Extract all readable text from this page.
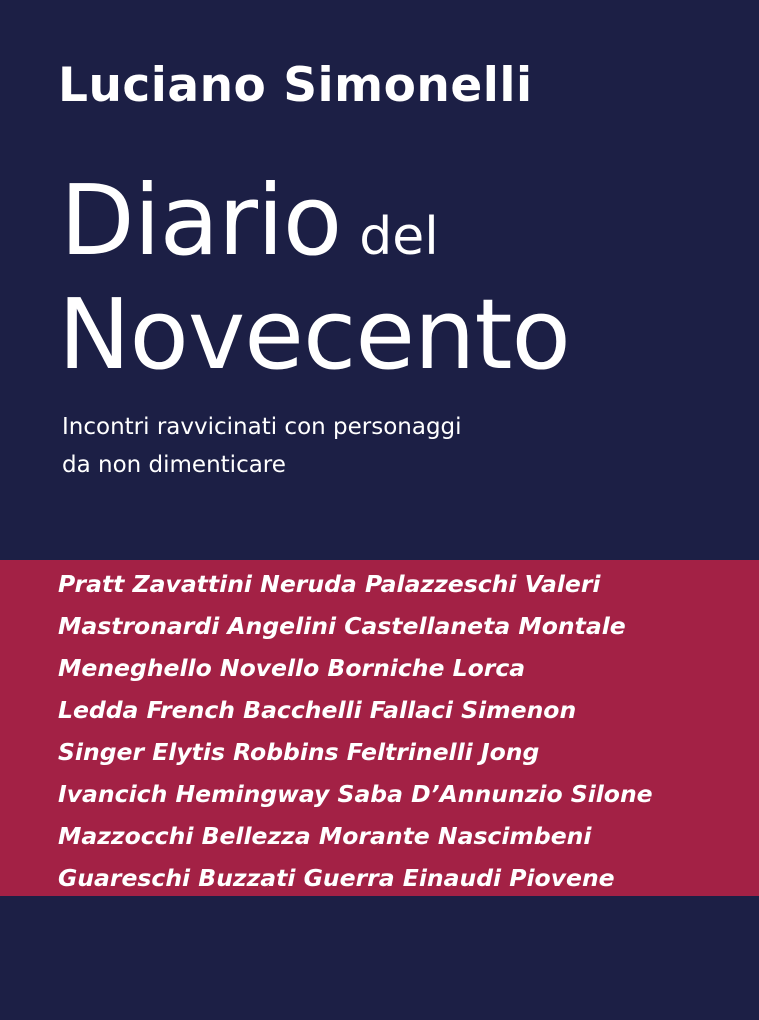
Luciano Simonelli
Diario del
Novecento
Incontri ravvicinati con personaggi
da non dimenticare
Pratt Zavattini Neruda Palazzeschi Valeri
Mastronardi Angelini Castellaneta Montale
Meneghello Novello Borniche Lorca
Ledda French Bacchelli Fallaci Simenon
Singer Elytis Robbins Feltrinelli Jong
Ivancich Hemingway Saba D’Annunzio Silone
Mazzocchi Bellezza Morante Nascimbeni
Guareschi Buzzati Guerra Einaudi Piovene
